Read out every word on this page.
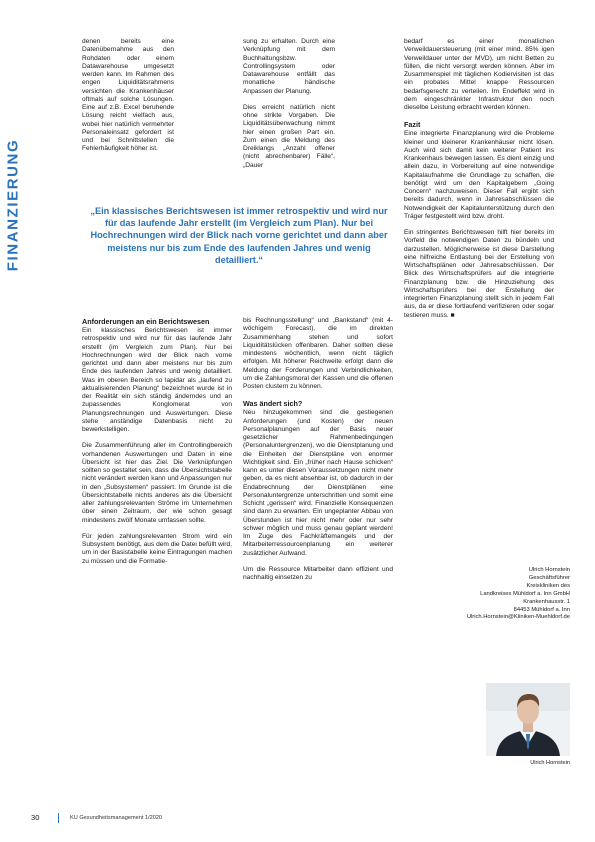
FINANZIERUNG

denen bereits eine Datenübernahme aus den Rohdaten oder einem Datawarehouse umgesetzt werden kann. Im Rahmen des engen Liquiditätsrahmens versichten die Krankenhäuser oftmals auf solche Lösungen. Eine auf z.B. Excel beruhende Lösung reicht vielfach aus, wobei hier natürlich vermehrter Personaleinsatz gefordert ist und bei Schnittstellen die Fehlerhäufigkeit höher ist.

sung zu erhalten. Durch eine Verknüpfung mit dem Buchhaltungsbzw. Controllingsystem oder Datawarehouse entfällt das monatliche händische Anpassen der Planung.

Dies erreicht natürlich nicht ohne strikte Vorgaben. Die Liquiditätsüberwachung nimmt hier einen großen Part ein. Zum einen die Meldung des Dreiklangs „Anzahl offener (nicht abrechenbarer) Fälle“, „Dauer

bedarf es einer monatlichen Verweildauersteuerung (mit einer mind. 85% igen Verweildauer unter der MVD), um nicht Betten zu füllen, die nicht versorgt werden können. Aber im Zusammenspiel mit täglichen Kodiervisiten ist das ein probates Mittel knappe Ressourcen bedarfsgerecht zu verteilen. Im Endeffekt wird in dem eingeschränkter Infrastruktur den noch dieselbe Leistung erbracht werden können.

Fazit

Eine integrierte Finanzplanung wird die Probleme kleiner und kleinerer Krankenhäuser nicht lösen. Auch wird sich damit kein weiterer Patient ins Krankenhaus bewegen lassen. Es dient einzig und allein dazu, in Vorbereitung auf eine notwendige Kapitalaufnahme die Grundlage zu schaffen, die benötigt wird um den Kapitalgebern „Going Concern“ nachzuweisen. Dieser Fall ergibt sich bereits dadurch, wenn in Jahresabschlüssen die Notwendigkeit der Kapitalunterstützung durch den Träger festgestellt wird bzw. droht.

Ein stringentes Berichtswesen hilft hier bereits im Vorfeld die notwendigen Daten zu bündeln und darzustellen. Möglicherweise ist diese Darstellung eine hilfreiche Entlastung bei der Erstellung von Wirtschaftsplänen oder Jahresabschlüssen. Der Blick des Wirtschaftsprüfers auf die integrierte Finanzplanung bzw. die Hinzuziehung des Wirtschaftsprüfers bei der Erstellung der integrierten Finanzplanung stellt sich in jedem Fall aus, da er diese fortlaufend verifizieren oder sogar testieren muss. ■

„Ein klassisches Berichtswesen ist immer retrospektiv und wird nur für das laufende Jahr erstellt (im Vergleich zum Plan). Nur bei Hochrechnungen wird der Blick nach vorne gerichtet und dann aber meistens nur bis zum Ende des laufenden Jahres und wenig detailliert.“
Anforderungen an ein Berichtswesen

Ein klassisches Berichtswesen ist immer retrospektiv und wird nur für das laufende Jahr erstellt (im Vergleich zum Plan). Nur bei Hochrechnungen wird der Blick nach vorne gerichtet und dann aber meistens nur bis zum Ende des laufenden Jahres und wenig detailliert. Was im oberen Bereich so lapidar als „laufend zu aktualisierenden Planung“ bezeichnet wurde ist in der Realität ein sich ständig änderndes und an zupassendes Konglomerat von Planungsrechnungen und Auswertungen. Diese stehe anständige Datenbasis nicht zu bewerkstelligen.

Die Zusammenführung aller im Controllingbereich vorhandenen Auswertungen und Daten in eine Übersicht ist hier das Ziel. Die Verknüpfungen sollten so gestaltet sein, dass die Übersichtstabelle nicht verändert werden kann und Anpassungen nur in den „Subsystemen“ passiert. Im Grunde ist die Übersichtstabelle nichts anderes als die Übersicht aller zahlungsrelevanten Ströme im Unternehmen über einen Zeitraum, der wie schon gesagt mindestens zwölf Monate umfassen sollte.

Für jeden zahlungsrelevanten Strom wird ein Subsystem benötigt, aus dem die Datei befüllt wird, um in der Basistabelle keine Eintragungen machen zu müssen und die Formatie-

bis Rechnungsstellung“ und „Bankstand“ (mit 4-wöchigem Forecast), die im direkten Zusammenhang stehen und sofort Liquiditätslücken offenbaren. Daher sollten diese mindestens wöchentlich, wenn nicht täglich erfolgen. Mit höherer Reichweite erfolgt dann die Meldung der Forderungen und Verbindlichkeiten, um die Zahlungsmoral der Kassen und die offenen Posten clustern zu können.

Was ändert sich?

Neu hinzugekommen sind die gestiegenen Anforderungen (und Kosten) der neuen Personalplanungen auf der Basis neuer gesetzlicher Rahmenbedingungen (Personaluntergrenzen), wo die Dienstplanung und die Einheiten der Dienstpläne von enormer Wichtigkeit sind. Ein „früher nach Hause schicken“ kann es unter diesen Voraussetzungen nicht mehr geben, da es nicht absehbar ist, ob dadurch in der Endabrechnung der Dienstplänen eine Personaluntergrenze unterschritten und somit eine Schicht „gerissen“ wird. Finanzielle Konsequenzen sind dann zu erwarten. Ein ungeplanter Abbau von Überstunden ist hier nicht mehr oder nur sehr schwer möglich und muss genau geplant werden! Im Zuge des Fachkräftemangels und der Mitarbeiterressourcenplanung ein weiterer zusätzlicher Aufwand.

Um die Ressource Mitarbeiter dann effizient und nachhaltig einsetzen zu

Ulrich Hornstein
Geschäftsführer
Kreiskliniken des
Landkreises Mühldorf a. Inn GmbH
Krankenhausstr. 1
84453 Mühldorf a. Inn
Ulrich.Hornstein@Kliniken-Muehldorf.de
Ulrich Hornstein
30	KU Gesundheitsmanagement 1/2020
